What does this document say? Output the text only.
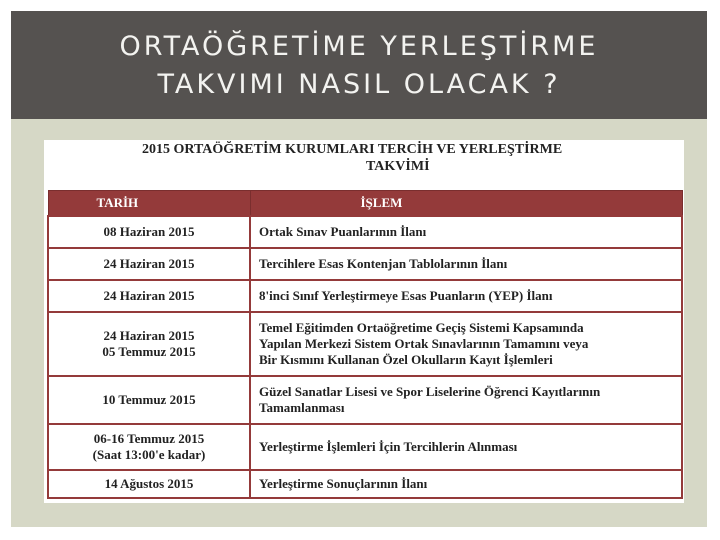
ORTAÖĞRETİME YERLEŞTİRME
TAKVIMI NASIL OLACAK ?
2015 ORTAÖĞRETİM KURUMLARI TERCİH VE YERLEŞTİRME
TAKVİMİ
TARİH	İŞLEM

08 Haziran 2015	Ortak Sınav Puanlarının İlanı

24 Haziran 2015	Tercihlere Esas Kontenjan Tablolarının İlanı

24 Haziran 2015	8'inci Sınıf Yerleştirmeye Esas Puanların (YEP) İlanı

24 Haziran 2015
05 Temmuz 2015	Temel Eğitimden Ortaöğretime Geçiş Sistemi Kapsamında
Yapılan Merkezi Sistem Ortak Sınavlarının Tamamını veya
Bir Kısmını Kullanan Özel Okulların Kayıt İşlemleri

10 Temmuz 2015	Güzel Sanatlar Lisesi ve Spor Liselerine Öğrenci Kayıtlarının
Tamamlanması

06-16 Temmuz 2015
(Saat 13:00'e kadar)	Yerleştirme İşlemleri İçin Tercihlerin Alınması

14 Ağustos 2015	Yerleştirme Sonuçlarının İlanı
